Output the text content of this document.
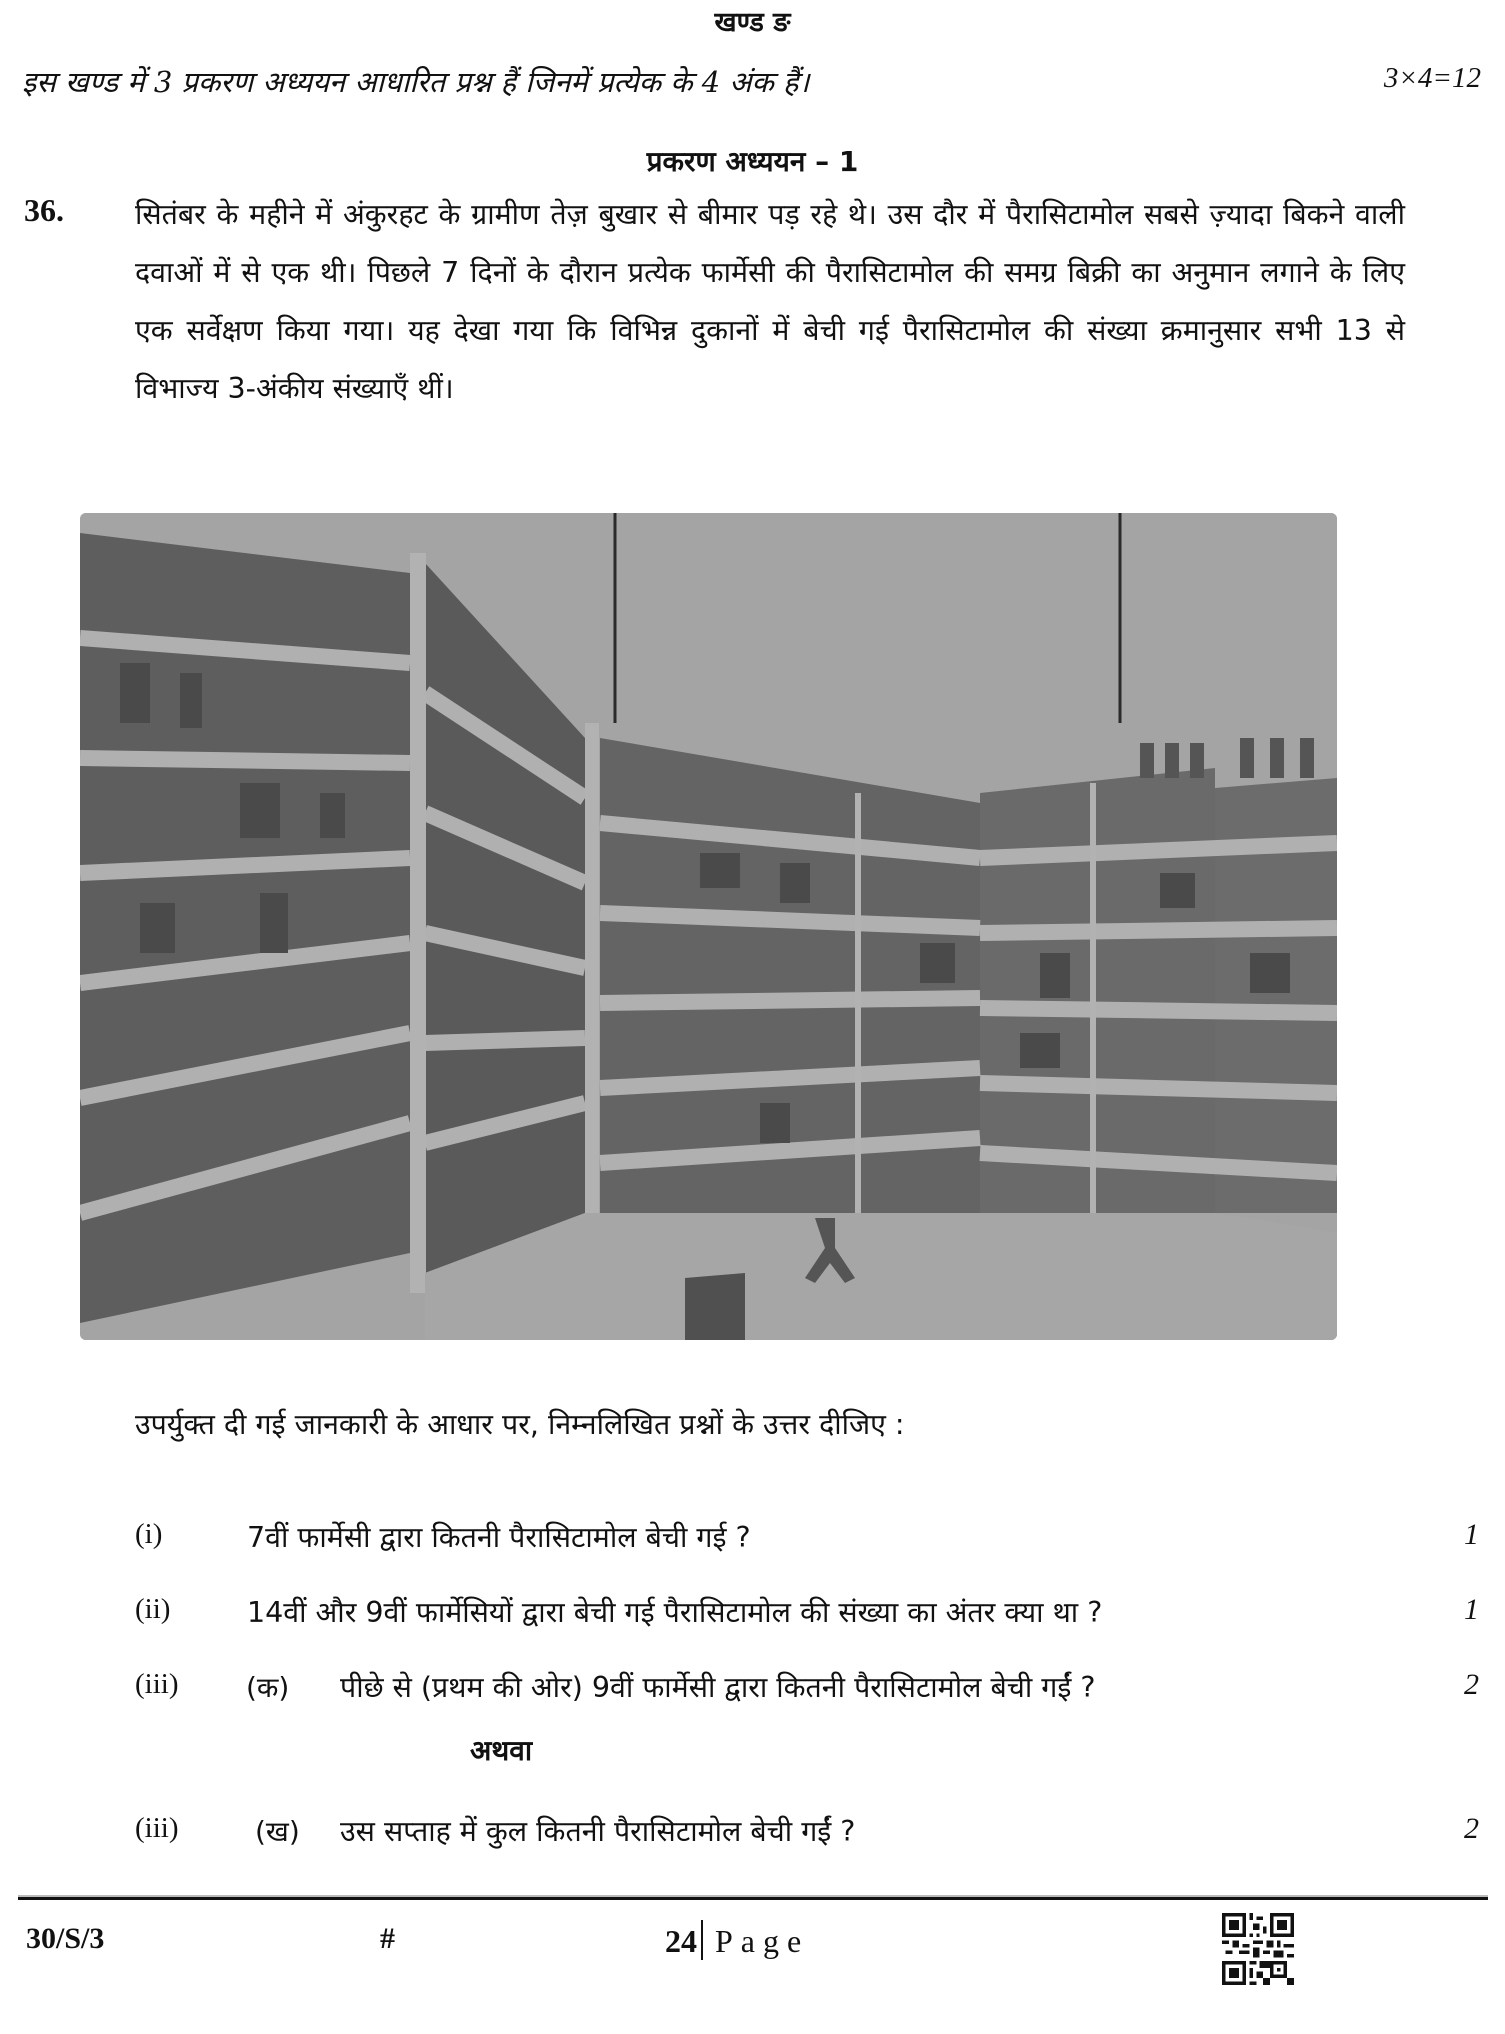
खण्ड ङ
इस खण्ड में 3 प्रकरण अध्ययन आधारित प्रश्न हैं जिनमें प्रत्येक के 4 अंक हैं।	3×4=12
प्रकरण अध्ययन – 1
36. सितंबर के महीने में अंकुरहट के ग्रामीण तेज़ बुखार से बीमार पड़ रहे थे। उस दौर में पैरासिटामोल सबसे ज़्यादा बिकने वाली दवाओं में से एक थी। पिछले 7 दिनों के दौरान प्रत्येक फार्मेसी की पैरासिटामोल की समग्र बिक्री का अनुमान लगाने के लिए एक सर्वेक्षण किया गया। यह देखा गया कि विभिन्न दुकानों में बेची गई पैरासिटामोल की संख्या क्रमानुसार सभी 13 से विभाज्य 3-अंकीय संख्याएँ थीं।
उपर्युक्त दी गई जानकारी के आधार पर, निम्नलिखित प्रश्नों के उत्तर दीजिए :
(i)	7वीं फार्मेसी द्वारा कितनी पैरासिटामोल बेची गई ?	1
(ii)	14वीं और 9वीं फार्मेसियों द्वारा बेची गई पैरासिटामोल की संख्या का अंतर क्या था ?	1
(iii) (क) पीछे से (प्रथम की ओर) 9वीं फार्मेसी द्वारा कितनी पैरासिटामोल बेची गईं ?	2
अथवा
(iii)	(ख) उस सप्ताह में कुल कितनी पैरासिटामोल बेची गईं ?	2
30/S/3	#	24 Page
